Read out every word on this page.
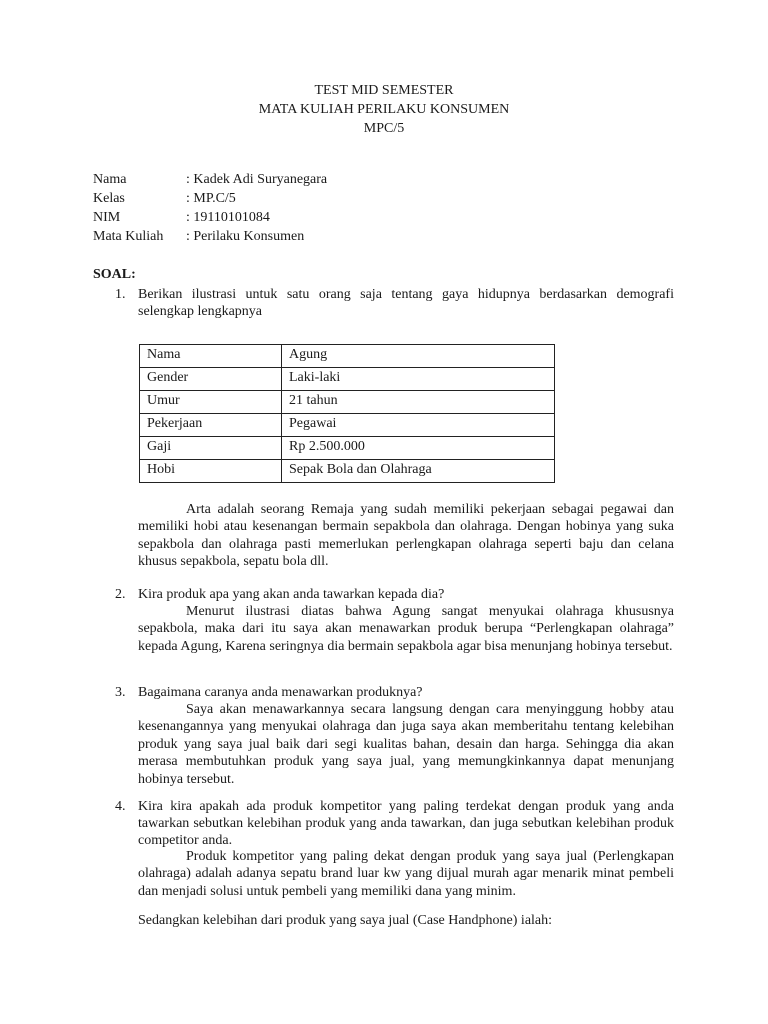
TEST MID SEMESTER
MATA KULIAH PERILAKU KONSUMEN
MPC/5
Nama	: Kadek Adi Suryanegara
Kelas	: MP.C/5
NIM	: 19110101084
Mata Kuliah	: Perilaku Konsumen
SOAL:
1. Berikan ilustrasi untuk satu orang saja tentang gaya hidupnya berdasarkan demografi selengkap lengkapnya
Nama	Agung
Gender	Laki-laki
Umur	21 tahun
Pekerjaan	Pegawai
Gaji	Rp 2.500.000
Hobi	Sepak Bola dan Olahraga
Arta adalah seorang Remaja yang sudah memiliki pekerjaan sebagai pegawai dan memiliki hobi atau kesenangan bermain sepakbola dan olahraga. Dengan hobinya yang suka sepakbola dan olahraga pasti memerlukan perlengkapan olahraga seperti baju dan celana khusus sepakbola, sepatu bola dll.
2. Kira produk apa yang akan anda tawarkan kepada dia?
Menurut ilustrasi diatas bahwa Agung sangat menyukai olahraga khususnya sepakbola, maka dari itu saya akan menawarkan produk berupa “Perlengkapan olahraga” kepada Agung, Karena seringnya dia bermain sepakbola agar bisa menunjang hobinya tersebut.
3. Bagaimana caranya anda menawarkan produknya?
Saya akan menawarkannya secara langsung dengan cara menyinggung hobby atau kesenangannya yang menyukai olahraga dan juga saya akan memberitahu tentang kelebihan produk yang saya jual baik dari segi kualitas bahan, desain dan harga. Sehingga dia akan merasa membutuhkan produk yang saya jual, yang memungkinkannya dapat menunjang hobinya tersebut.
4. Kira kira apakah ada produk kompetitor yang paling terdekat dengan produk yang anda tawarkan sebutkan kelebihan produk yang anda tawarkan, dan juga sebutkan kelebihan produk competitor anda.
Produk kompetitor yang paling dekat dengan produk yang saya jual (Perlengkapan olahraga) adalah adanya sepatu brand luar kw yang dijual murah agar menarik minat pembeli dan menjadi solusi untuk pembeli yang memiliki dana yang minim.
Sedangkan kelebihan dari produk yang saya jual (Case Handphone) ialah:
